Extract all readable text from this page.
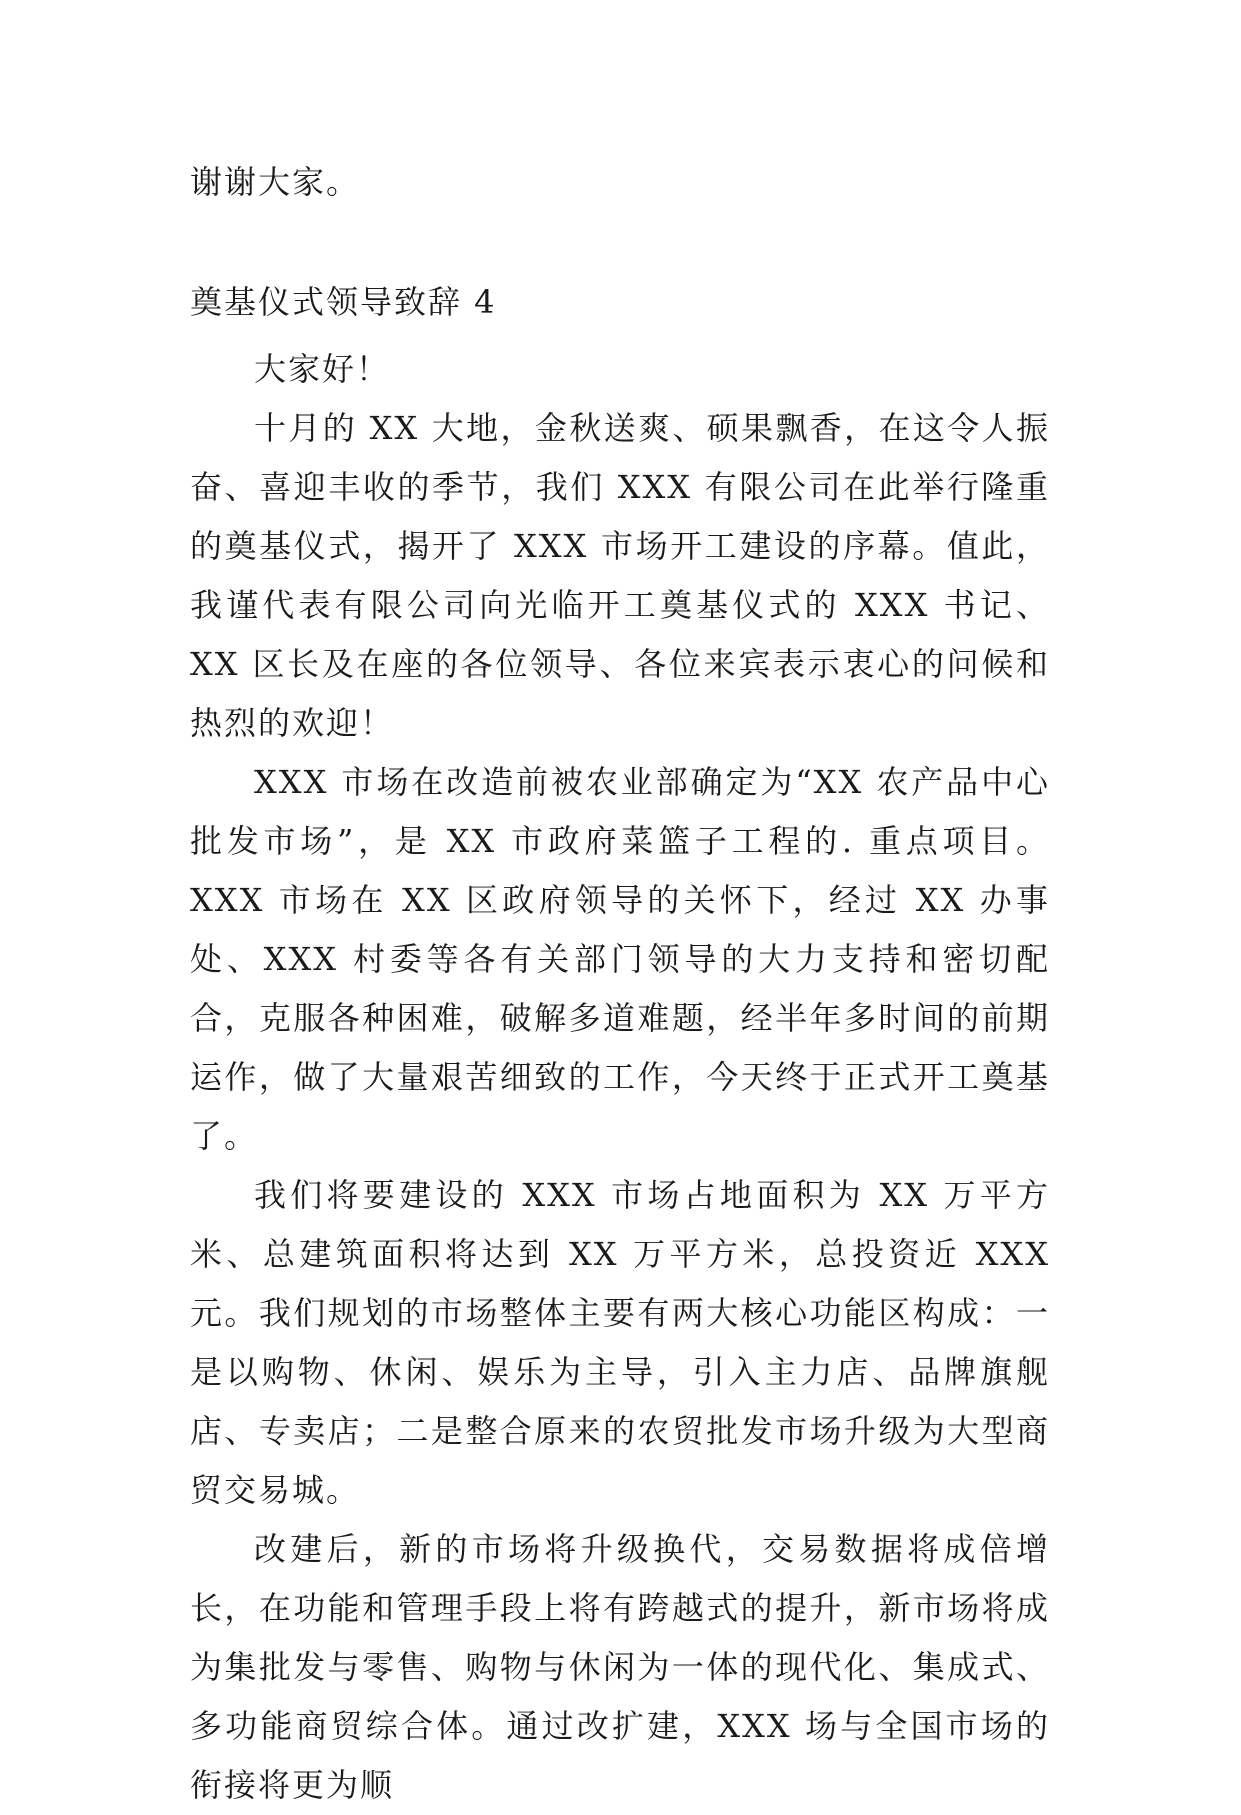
谢谢大家。
奠基仪式领导致辞 4

大家好！

十月的 XX 大地，金秋送爽、硕果飘香，在这令人振奋、喜迎丰收的季节，我们 XXX 有限公司在此举行隆重的奠基仪式，揭开了 XXX 市场开工建设的序幕。值此，我谨代表有限公司向光临开工奠基仪式的 XXX 书记、XX 区长及在座的各位领导、各位来宾表示衷心的问候和热烈的欢迎！

XXX 市场在改造前被农业部确定为“XX 农产品中心批发市场”，是 XX 市政府菜篮子工程的. 重点项目。XXX 市场在 XX 区政府领导的关怀下，经过 XX 办事处、XXX 村委等各有关部门领导的大力支持和密切配合，克服各种困难，破解多道难题，经半年多时间的前期运作，做了大量艰苦细致的工作，今天终于正式开工奠基了。

我们将要建设的 XXX 市场占地面积为 XX 万平方米、总建筑面积将达到 XX 万平方米，总投资近 XXX 元。我们规划的市场整体主要有两大核心功能区构成：一是以购物、休闲、娱乐为主导，引入主力店、品牌旗舰店、专卖店；二是整合原来的农贸批发市场升级为大型商贸交易城。

改建后，新的市场将升级换代，交易数据将成倍增长，在功能和管理手段上将有跨越式的提升，新市场将成为集批发与零售、购物与休闲为一体的现代化、集成式、多功能商贸综合体。通过改扩建，XXX 场与全国市场的衔接将更为顺
